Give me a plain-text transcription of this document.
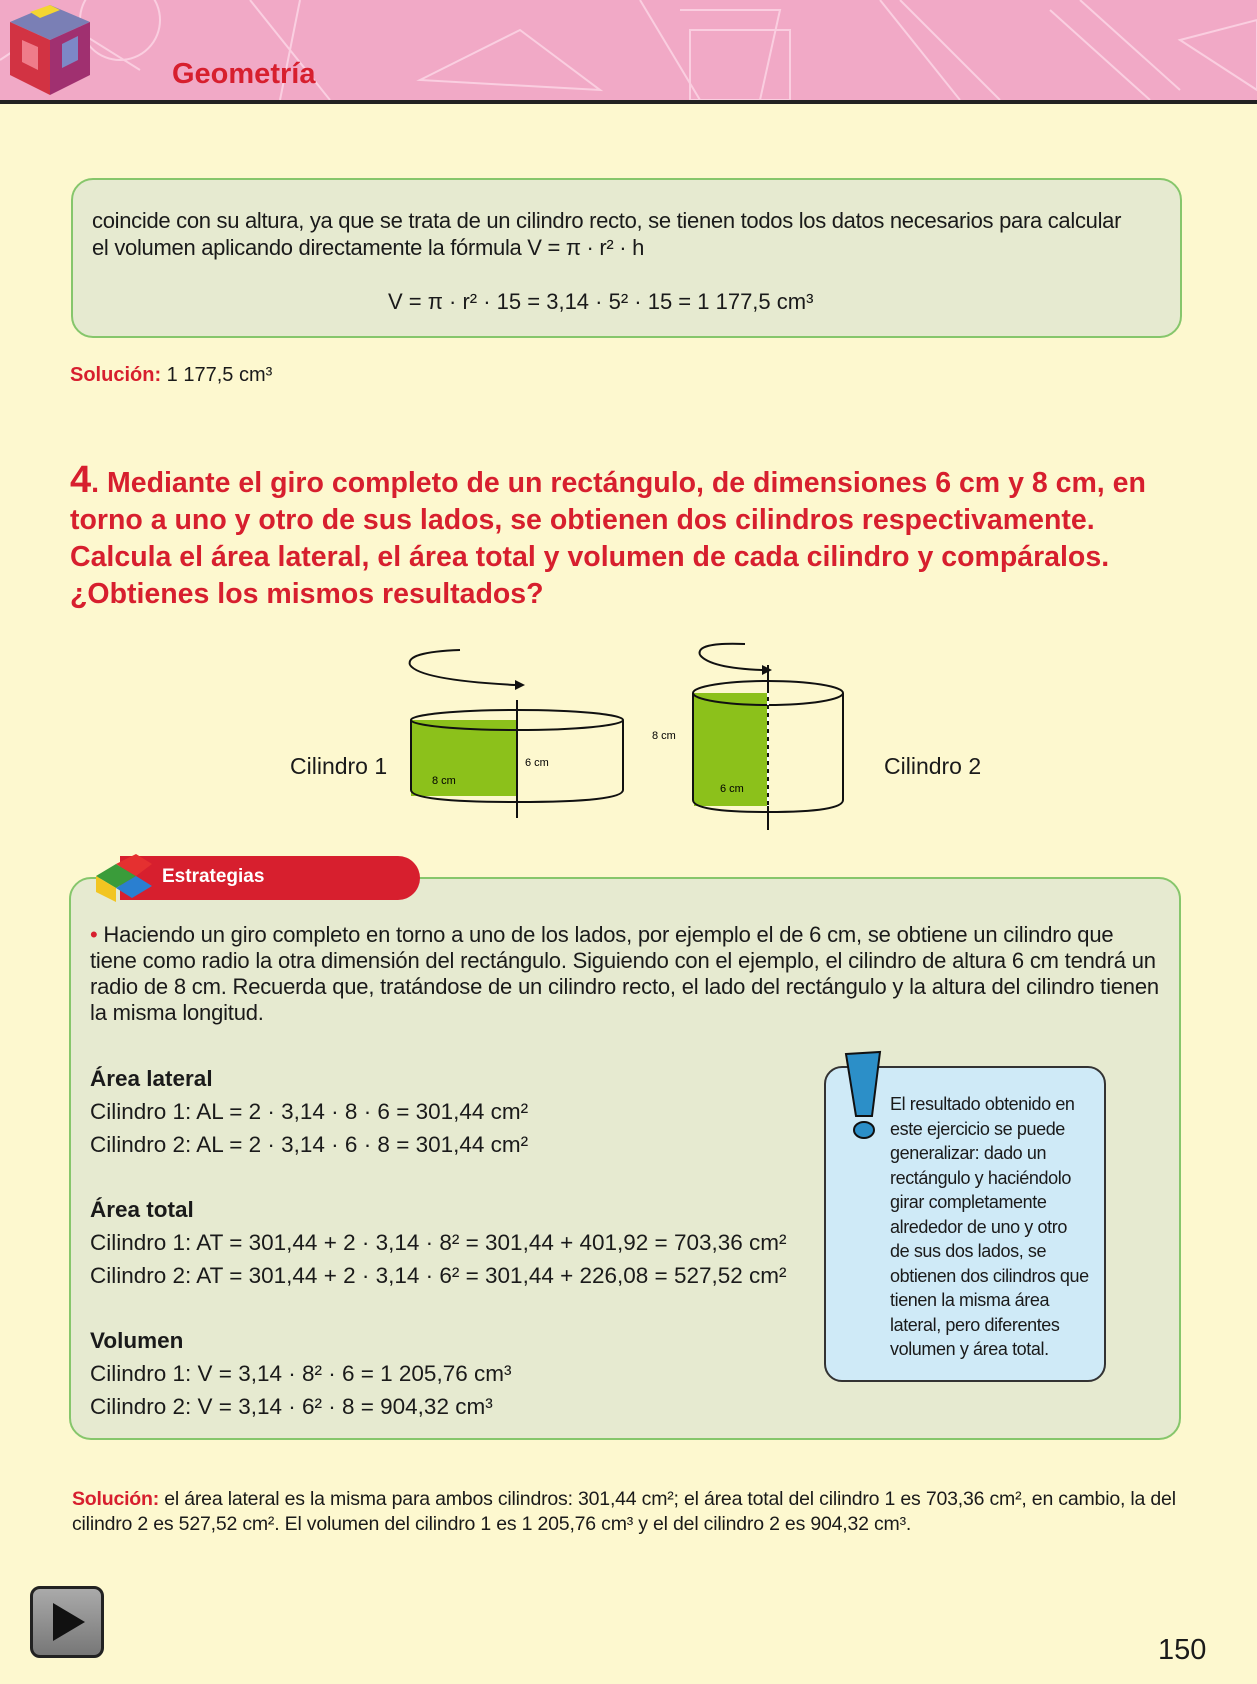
Geometría
coincide con su altura, ya que se trata de un cilindro recto, se tienen todos los datos necesarios para calcular el volumen aplicando directamente la fórmula V = π · r² · h
V = π · r² · 15 = 3,14 · 5² · 15 = 1 177,5 cm³
Solución: 1 177,5 cm³
4. Mediante el giro completo de un rectángulo, de dimensiones 6 cm y 8 cm, en torno a uno y otro de sus lados, se obtienen dos cilindros respectivamente. Calcula el área lateral, el área total y volumen de cada cilindro y compáralos. ¿Obtienes los mismos resultados?
Cilindro 1	Cilindro 2
6 cm
8 cm
8 cm
6 cm
Estrategias
• Haciendo un giro completo en torno a uno de los lados, por ejemplo el de 6 cm, se obtiene un cilindro que tiene como radio la otra dimensión del rectángulo. Siguiendo con el ejemplo, el cilindro de altura 6 cm tendrá un radio de 8 cm. Recuerda que, tratándose de un cilindro recto, el lado del rectángulo y la altura del cilindro tienen la misma longitud.
Área lateral
Cilindro 1: AL = 2 · 3,14 · 8 · 6 = 301,44 cm²
Cilindro 2: AL = 2 · 3,14 · 6 · 8 = 301,44 cm²
Área total
Cilindro 1: AT = 301,44 + 2 · 3,14 · 8² = 301,44 + 401,92 = 703,36 cm²
Cilindro 2: AT = 301,44 + 2 · 3,14 · 6² = 301,44 + 226,08 = 527,52 cm²
Volumen
Cilindro 1: V = 3,14 · 8² · 6 = 1 205,76 cm³
Cilindro 2: V = 3,14 · 6² · 8 = 904,32 cm³
El resultado obtenido en este ejercicio se puede generalizar: dado un rectángulo y haciéndolo girar completamente alrededor de uno y otro de sus dos lados, se obtienen dos cilindros que tienen la misma área lateral, pero diferentes volumen y área total.
Solución: el área lateral es la misma para ambos cilindros: 301,44 cm²; el área total del cilindro 1 es 703,36 cm², en cambio, la del cilindro 2 es 527,52 cm². El volumen del cilindro 1 es 1 205,76 cm³ y el del cilindro 2 es 904,32 cm³.
150
